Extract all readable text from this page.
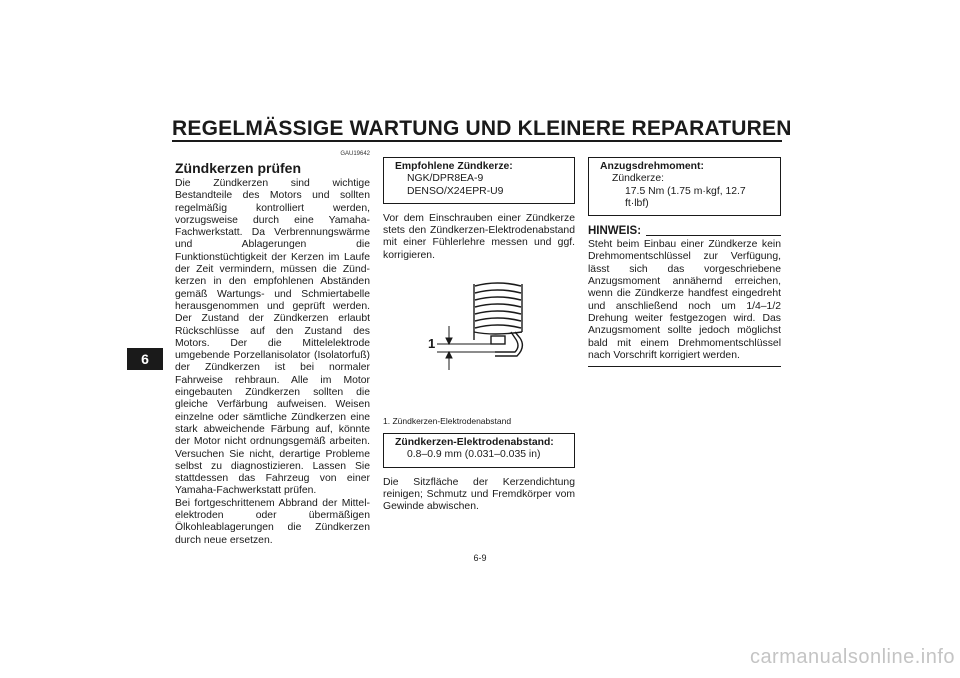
REGELMÄSSIGE WARTUNG UND KLEINERE REPARATUREN
6
GAU19642
Zündkerzen prüfen

Die Zündkerzen sind wichtige Bestandteile des Motors und sollten regelmäßig kontrolliert werden, vorzugsweise durch eine Yamaha-Fachwerkstatt. Da Verbrennungswärme und Ablagerungen die Funktionstüchtigkeit der Kerzen im Laufe der Zeit vermindern, müssen die Zündkerzen in den empfohlenen Abständen gemäß Wartungs- und Schmiertabelle herausgenommen und geprüft werden. Der Zustand der Zündkerzen erlaubt Rückschlüsse auf den Zustand des Motors. Der die Mittelelektrode umgebende Porzellanisolator (Isolatorfuß) der Zündkerzen ist bei normaler Fahrweise rehbraun. Alle im Motor eingebauten Zündkerzen sollten die gleiche Verfärbung aufweisen. Weisen einzelne oder sämtliche Zündkerzen eine stark abweichende Färbung auf, könnte der Motor nicht ordnungsgemäß arbeiten. Versuchen Sie nicht, derartige Probleme selbst zu diagnostizieren. Lassen Sie stattdessen das Fahrzeug von einer Yamaha-Fachwerkstatt prüfen.

Bei fortgeschrittenem Abbrand der Mittelelektroden oder übermäßigen Ölkohleablagerungen die Zündkerzen durch neue ersetzen.

Empfohlene Zündkerze:
NGK/DPR8EA-9
DENSO/X24EPR-U9

Vor dem Einschrauben einer Zündkerze stets den Zündkerzen-Elektrodenabstand mit einer Fühlerlehre messen und ggf. korrigieren.

1

1. Zündkerzen-Elektrodenabstand

Zündkerzen-Elektrodenabstand:
0.8–0.9 mm (0.031–0.035 in)

Die Sitzfläche der Kerzendichtung reinigen; Schmutz und Fremdkörper vom Gewinde abwischen.

Anzugsdrehmoment:
Zündkerze:
17.5 Nm (1.75 m·kgf, 12.7 ft·lbf)
HINWEIS:

Steht beim Einbau einer Zündkerze kein Drehmomentschlüssel zur Verfügung, lässt sich das vorgeschriebene Anzugsmoment annähernd erreichen, wenn die Zündkerze handfest eingedreht und anschließend noch um 1/4–1/2 Drehung weiter festgezogen wird. Das Anzugsmoment sollte jedoch möglichst bald mit einem Drehmomentschlüssel nach Vorschrift korrigiert werden.

6-9
carmanualsonline.info
